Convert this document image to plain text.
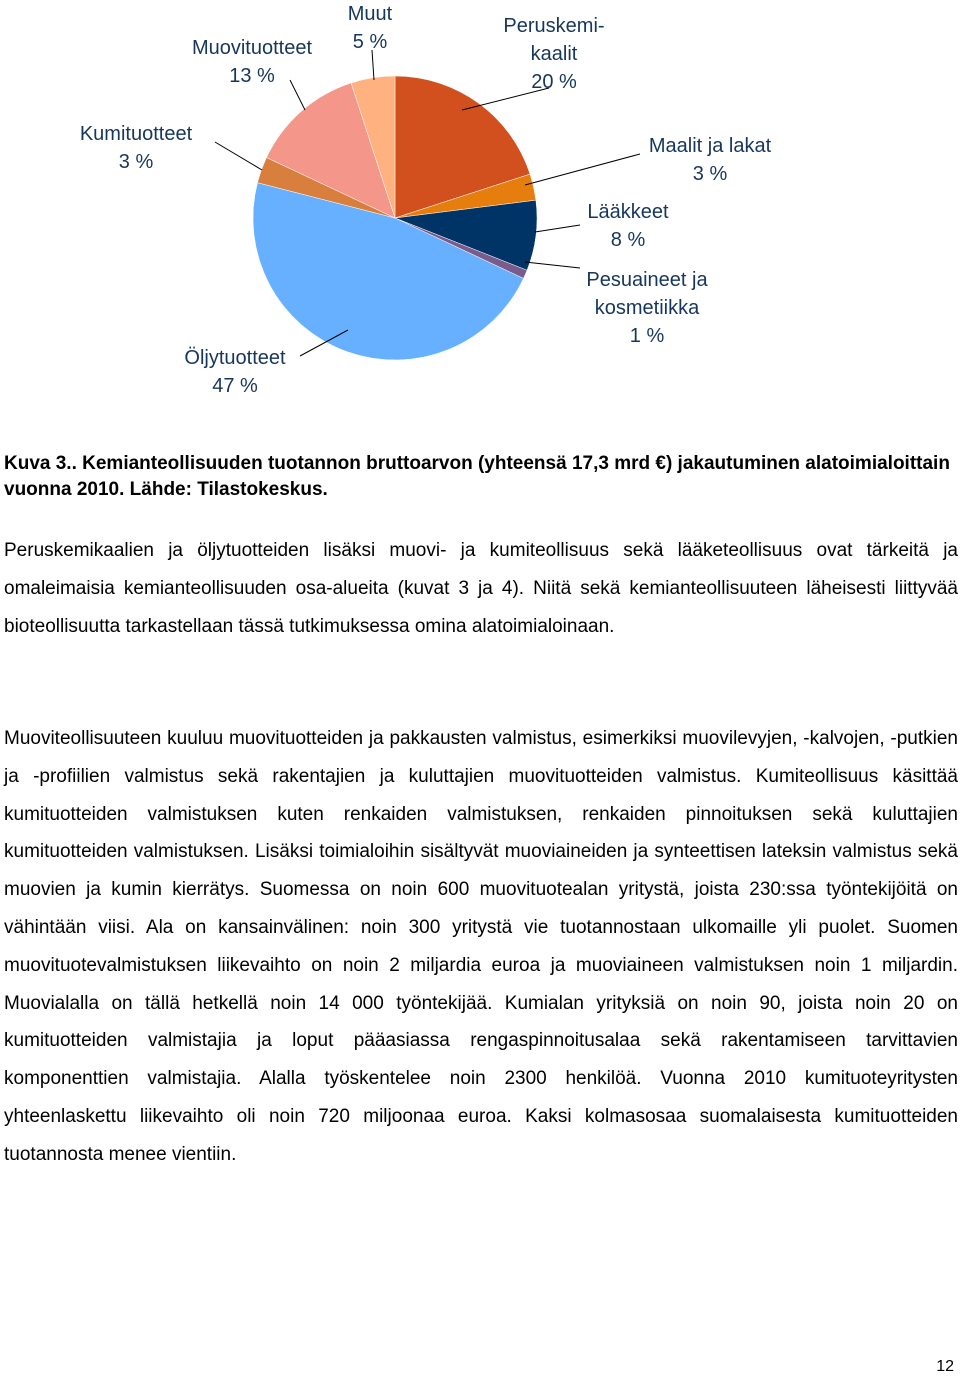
Peruskemi-kaalit 20 %
Maalit ja lakat 3 %
Lääkkeet 8 %
Pesuaineet ja kosmetiikka 1 %
Öljytuotteet 47 %
Kumituotteet 3 %
Muovituotteet 13 %
Muut 5 %
Kuva 3.. Kemianteollisuuden tuotannon bruttoarvon (yhteensä 17,3 mrd €) jakautuminen alatoimialoittain vuonna 2010. Lähde: Tilastokeskus.

Peruskemikaalien ja öljytuotteiden lisäksi muovi- ja kumiteollisuus sekä lääketeollisuus ovat tärkeitä ja omaleimaisia kemianteollisuuden osa-alueita (kuvat 3 ja 4). Niitä sekä kemianteollisuuteen läheisesti liittyvää bioteollisuutta tarkastellaan tässä tutkimuksessa omina alatoimialoinaan.

Muoviteollisuuteen kuuluu muovituotteiden ja pakkausten valmistus, esimerkiksi muovilevyjen, -kalvojen, -putkien ja -profiilien valmistus sekä rakentajien ja kuluttajien muovituotteiden valmistus. Kumiteollisuus käsittää kumituotteiden valmistuksen kuten renkaiden valmistuksen, renkaiden pinnoituksen sekä kuluttajien kumituotteiden valmistuksen. Lisäksi toimialoihin sisältyvät muoviaineiden ja synteettisen lateksin valmistus sekä muovien ja kumin kierrätys. Suomessa on noin 600 muovituotealan yritystä, joista 230:ssa työntekijöitä on vähintään viisi. Ala on kansainvälinen: noin 300 yritystä vie tuotannostaan ulkomaille yli puolet. Suomen muovituotevalmistuksen liikevaihto on noin 2 miljardia euroa ja muoviaineen valmistuksen noin 1 miljardin. Muovialalla on tällä hetkellä noin 14 000 työntekijää. Kumialan yrityksiä on noin 90, joista noin 20 on kumituotteiden valmistajia ja loput pääasiassa rengaspinnoitusalaa sekä rakentamiseen tarvittavien komponenttien valmistajia. Alalla työskentelee noin 2300 henkilöä. Vuonna 2010 kumituoteyritysten yhteenlaskettu liikevaihto oli noin 720 miljoonaa euroa. Kaksi kolmasosaa suomalaisesta kumituotteiden tuotannosta menee vientiin.

12
